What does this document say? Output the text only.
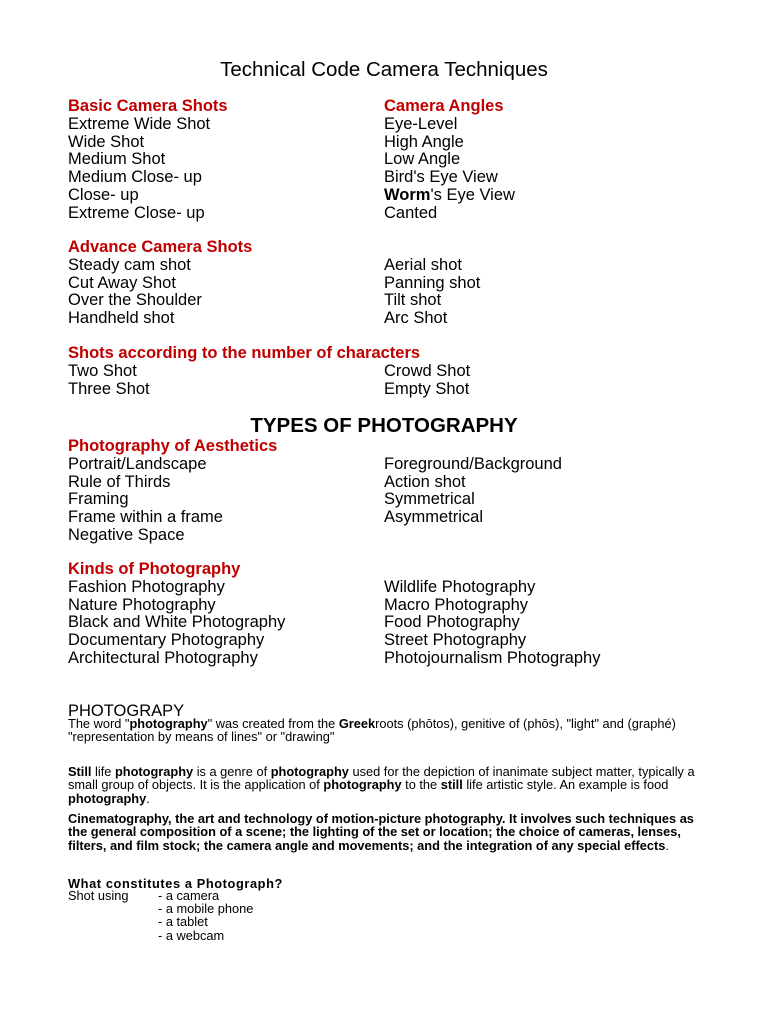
Technical Code Camera Techniques
Basic Camera Shots
Extreme Wide Shot
Wide Shot
Medium Shot
Medium Close- up
Close- up
Extreme Close- up
Camera Angles
Eye-Level
High Angle
Low Angle
Bird's Eye View
Worm's Eye View
Canted
Advance Camera Shots
Steady cam shot
Cut Away Shot
Over the Shoulder
Handheld shot
Aerial shot
Panning shot
Tilt shot
Arc Shot
Shots according to the number of characters
Two Shot
Three Shot
Crowd Shot
Empty Shot
TYPES OF PHOTOGRAPHY
Photography of Aesthetics
Portrait/Landscape
Rule of Thirds
Framing
Frame within a frame
Negative Space
Foreground/Background
Action shot
Symmetrical
Asymmetrical
Kinds of Photography
Fashion Photography
Nature Photography
Black and White Photography
Documentary Photography
Architectural Photography
Wildlife Photography
Macro Photography
Food Photography
Street Photography
Photojournalism Photography
PHOTOGRAPY

The word "photography" was created from the Greekroots (phōtos), genitive of (phōs), "light" and (graphé) "representation by means of lines" or "drawing"

Still life photography is a genre of photography used for the depiction of inanimate subject matter, typically a small group of objects. It is the application of photography to the still life artistic style. An example is food photography.

Cinematography, the art and technology of motion-picture photography. It involves such techniques as the general composition of a scene; the lighting of the set or location; the choice of cameras, lenses, filters, and film stock; the camera angle and movements; and the integration of any special effects.

What constitutes a Photograph?
Shot using - a camera
- a mobile phone
- a tablet
- a webcam
